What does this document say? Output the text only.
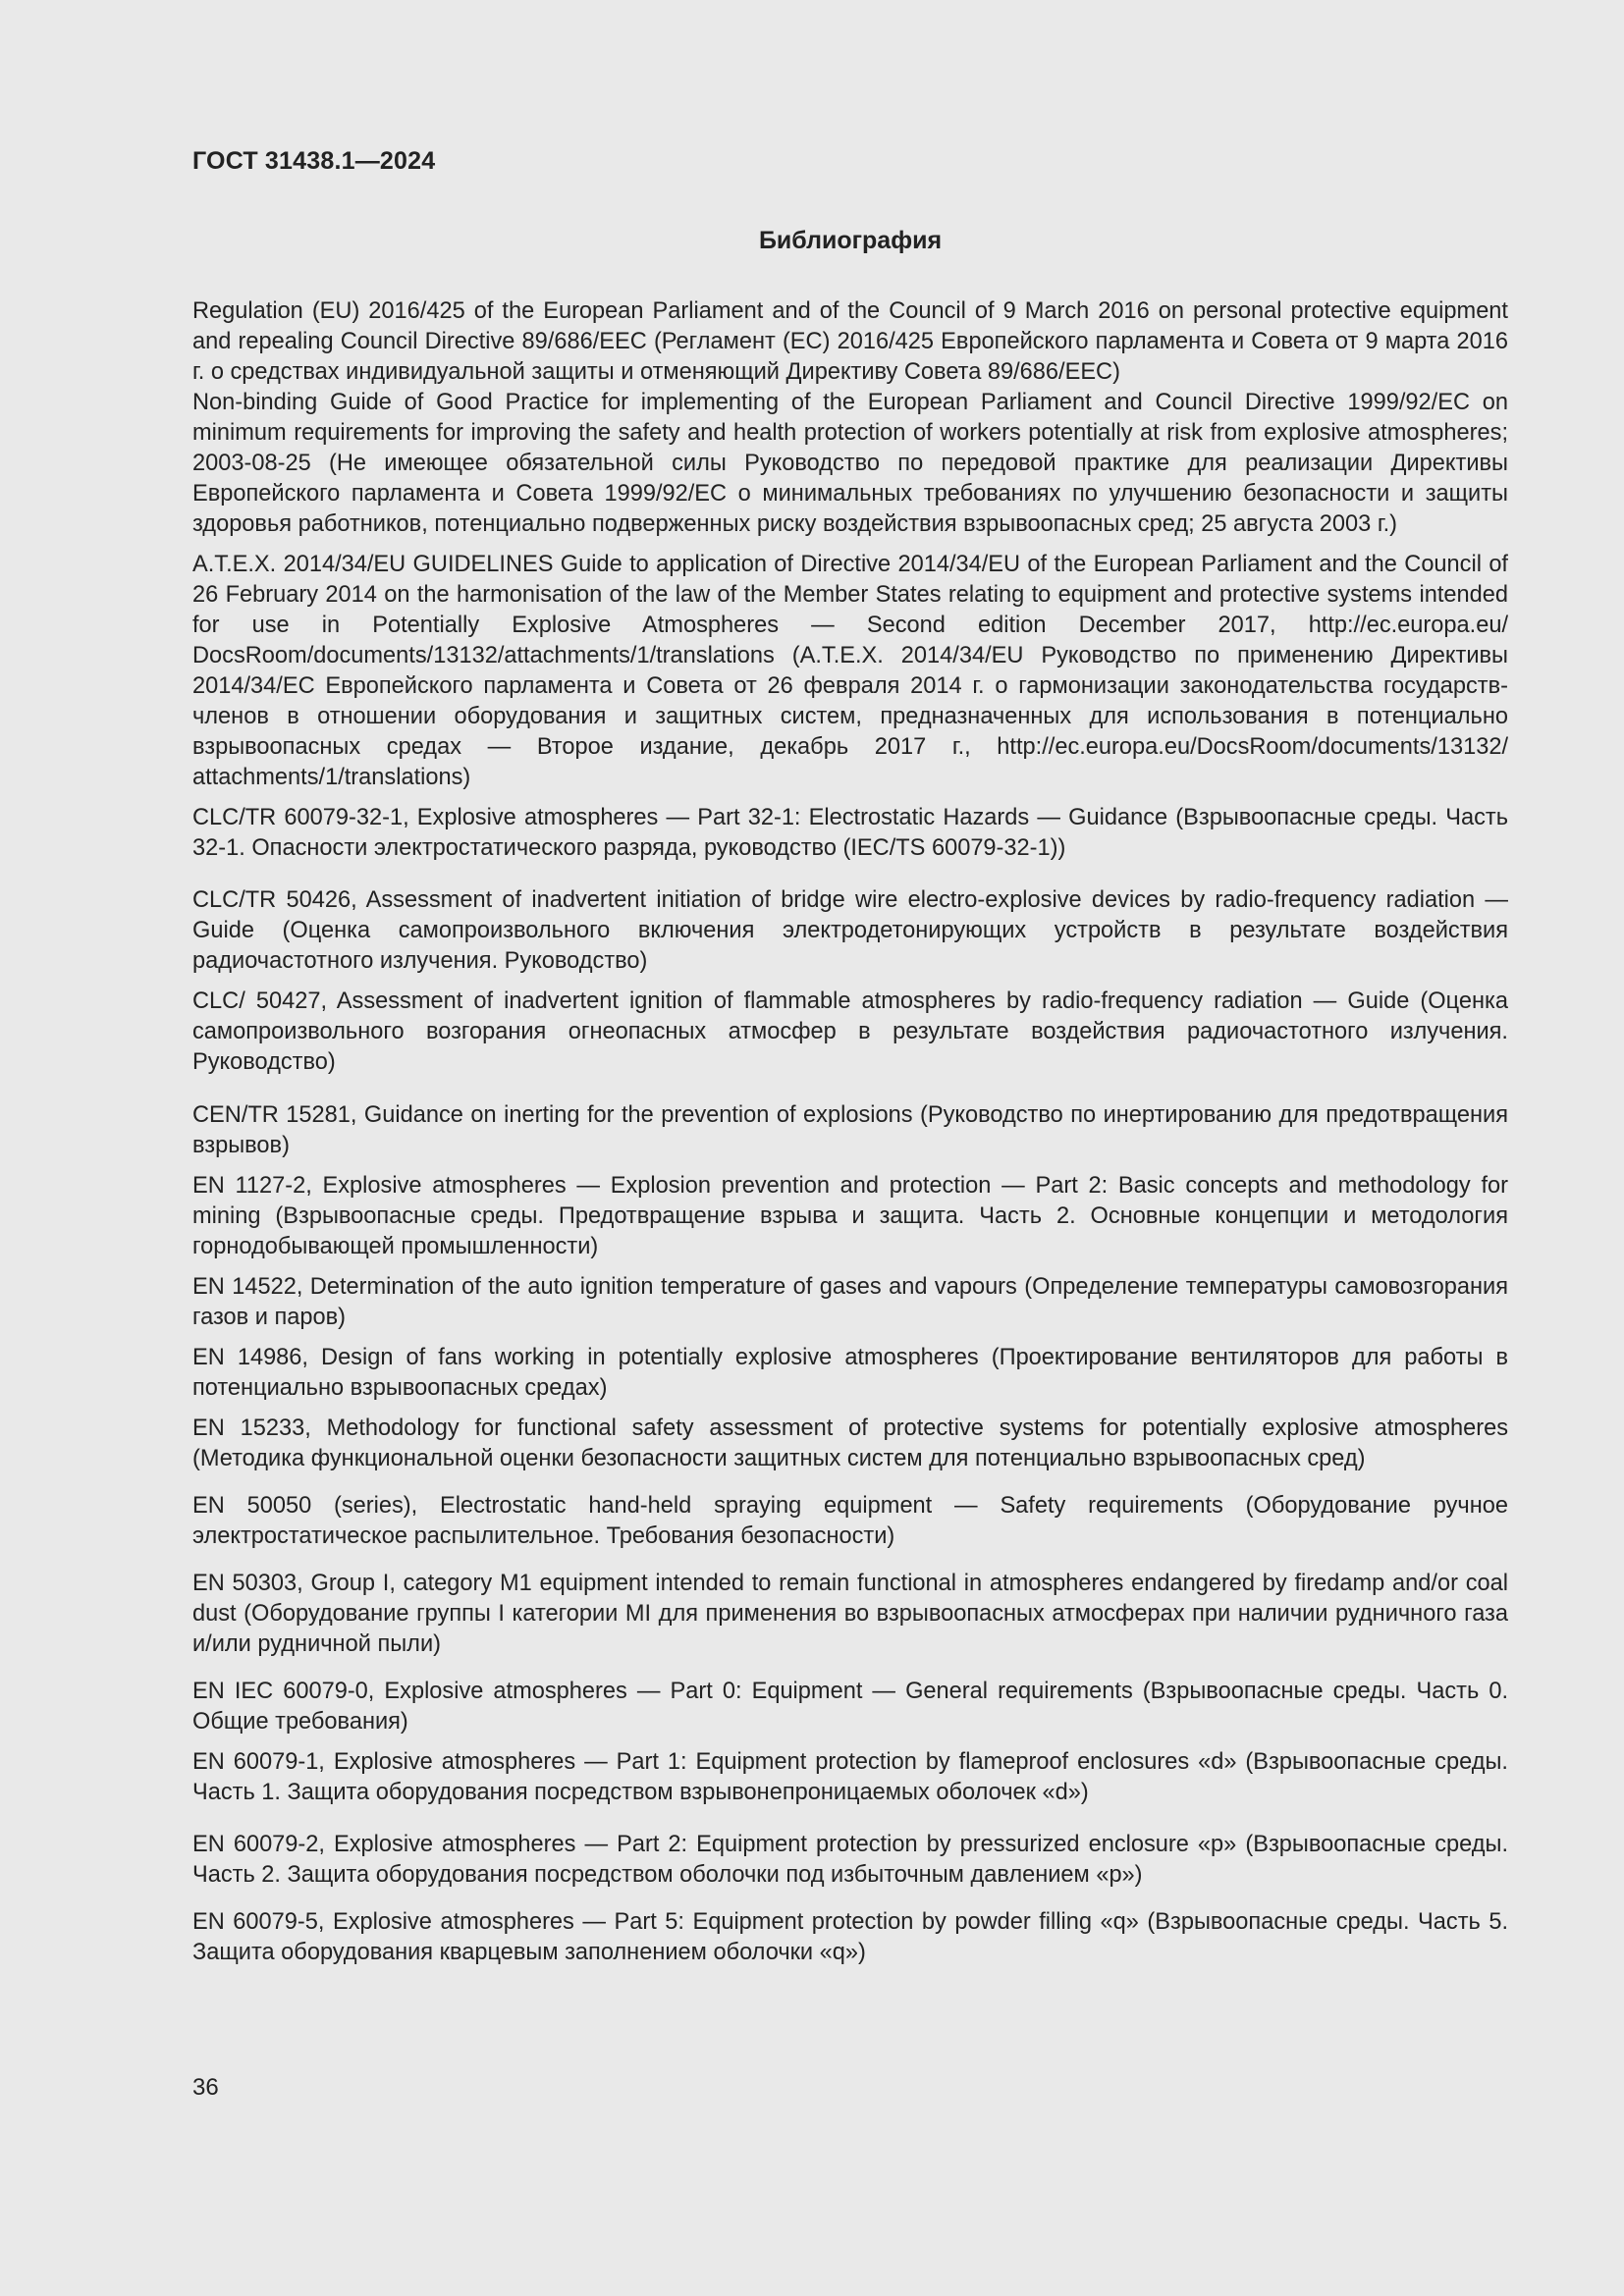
ГОСТ 31438.1—2024
Библиография

Regulation (EU) 2016/425 of the European Parliament and of the Council of 9 March 2016 on personal protective equipment and repealing Council Directive 89/686/EEC (Регламент (ЕС) 2016/425 Европейского парламента и Совета от 9 марта 2016 г. о средствах индивидуальной защиты и отменяющий Директиву Совета 89/686/EEC)

Non-binding Guide of Good Practice for implementing of the European Parliament and Council Directive 1999/92/EC on minimum requirements for improving the safety and health protection of workers potentially at risk from explosive atmospheres; 2003-08-25 (Не имеющее обязательной силы Руководство по передовой практике для реализации Директивы Европейского парламента и Совета 1999/92/ЕС о минимальных требованиях по улучшению безопасности и защиты здоровья работников, потенциально подверженных риску воздействия взрывоопасных сред; 25 августа 2003 г.)

A.T.E.X. 2014/34/EU GUIDELINES Guide to application of Directive 2014/34/EU of the European Parliament and the Council of 26 February 2014 on the harmonisation of the law of the Member States relating to equipment and protective systems intended for use in Potentially Explosive Atmospheres — Second edition December 2017, http://ec.europa.eu/ DocsRoom/documents/13132/attachments/1/translations (A.T.E.X. 2014/34/EU Руководство по применению Директивы 2014/34/ЕС Европейского парламента и Совета от 26 февраля 2014 г. о гармонизации законодательства государств-членов в отношении оборудования и защитных систем, предназначенных для использования в потенциально взрывоопасных средах — Второе издание, декабрь 2017 г., http://ec.europa.eu/DocsRoom/documents/13132/ attachments/1/translations)

CLC/TR 60079-32-1, Explosive atmospheres — Part 32-1: Electrostatic Hazards — Guidance (Взрывоопасные среды. Часть 32-1. Опасности электростатического разряда, руководство (IEC/TS 60079-32-1))

CLC/TR 50426, Assessment of inadvertent initiation of bridge wire electro-explosive devices by radio-frequency radiation — Guide (Оценка самопроизвольного включения электродетонирующих устройств в результате воздействия радиочастотного излучения. Руководство)

CLC/ 50427, Assessment of inadvertent ignition of flammable atmospheres by radio-frequency radiation — Guide (Оценка самопроизвольного возгорания огнеопасных атмосфер в результате воздействия радиочастотного излучения. Руководство)

CEN/TR 15281, Guidance on inerting for the prevention of explosions (Руководство по инертированию для предотвращения взрывов)

EN 1127-2, Explosive atmospheres — Explosion prevention and protection — Part 2: Basic concepts and methodology for mining (Взрывоопасные среды. Предотвращение взрыва и защита. Часть 2. Основные концепции и методология горнодобывающей промышленности)

EN 14522, Determination of the auto ignition temperature of gases and vapours (Определение температуры самовозгорания газов и паров)

EN 14986, Design of fans working in potentially explosive atmospheres (Проектирование вентиляторов для работы в потенциально взрывоопасных средах)

EN 15233, Methodology for functional safety assessment of protective systems for potentially explosive atmospheres (Методика функциональной оценки безопасности защитных систем для потенциально взрывоопасных сред)

EN 50050 (series), Electrostatic hand-held spraying equipment — Safety requirements (Оборудование ручное электростатическое распылительное. Требования безопасности)

EN 50303, Group I, category M1 equipment intended to remain functional in atmospheres endangered by firedamp and/or coal dust (Оборудование группы I категории MI для применения во взрывоопасных атмосферах при наличии рудничного газа и/или рудничной пыли)

EN IEC 60079-0, Explosive atmospheres — Part 0: Equipment — General requirements (Взрывоопасные среды. Часть 0. Общие требования)

EN 60079-1, Explosive atmospheres — Part 1: Equipment protection by flameproof enclosures «d» (Взрывоопасные среды. Часть 1. Защита оборудования посредством взрывонепроницаемых оболочек «d»)

EN 60079-2, Explosive atmospheres — Part 2: Equipment protection by pressurized enclosure «p» (Взрывоопасные среды. Часть 2. Защита оборудования посредством оболочки под избыточным давлением «p»)

EN 60079-5, Explosive atmospheres — Part 5: Equipment protection by powder filling «q» (Взрывоопасные среды. Часть 5. Защита оборудования кварцевым заполнением оболочки «q»)

36
